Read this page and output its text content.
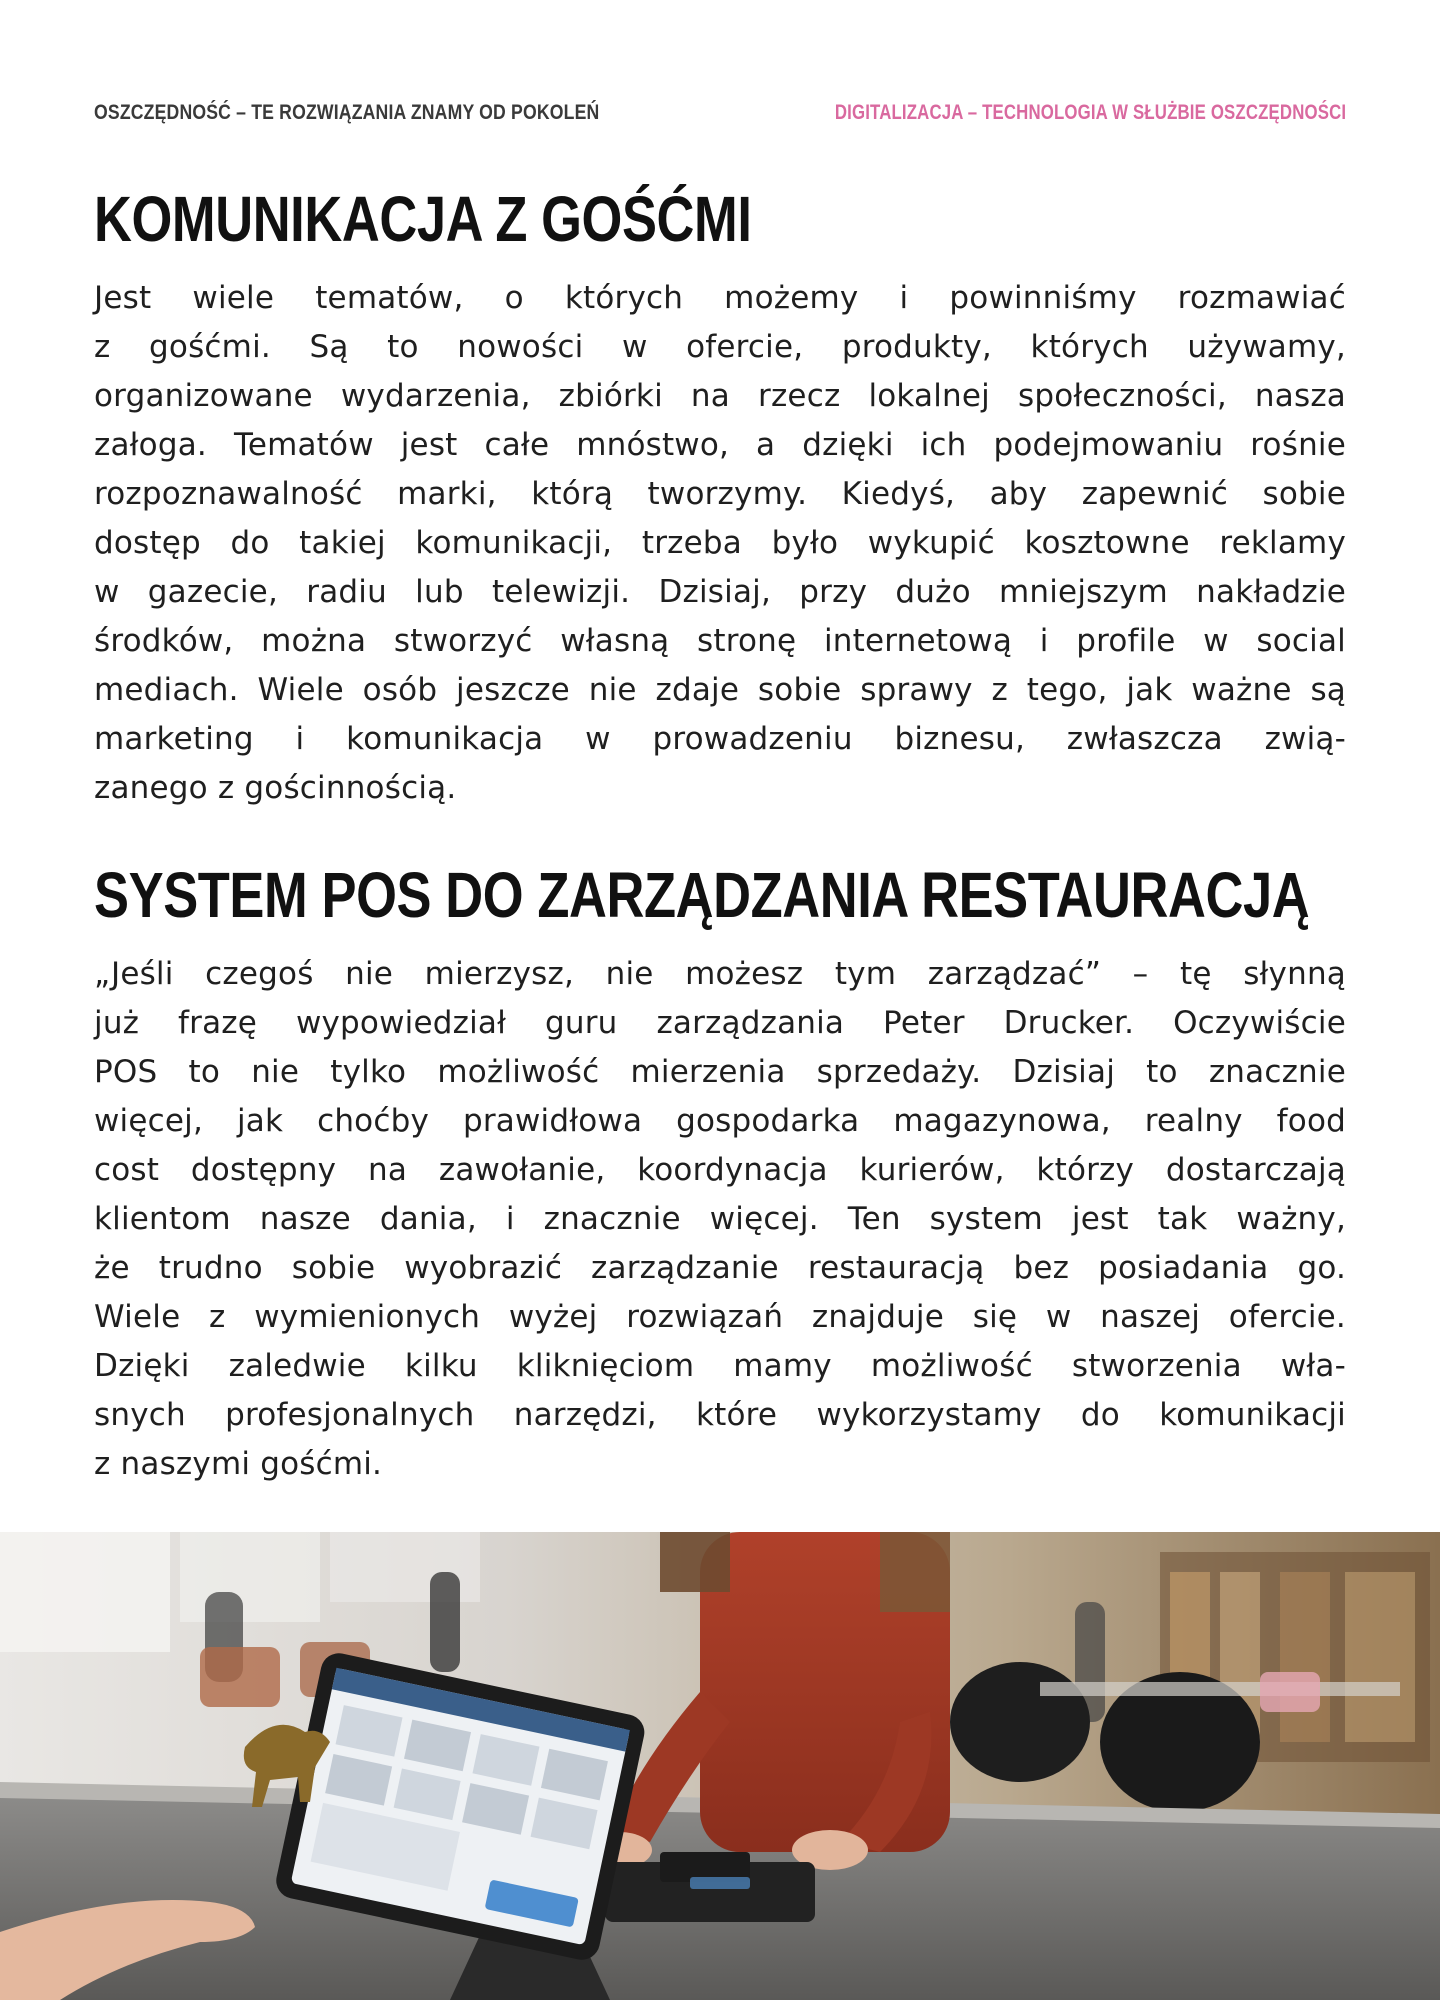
OSZCZĘDNOŚĆ – TE ROZWIĄZANIA ZNAMY OD POKOLEŃ	DIGITALIZACJA – TECHNOLOGIA W SŁUŻBIE OSZCZĘDNOŚCI
KOMUNIKACJA Z GOŚĆMI
Jest wiele tematów, o których możemy i powinniśmy rozmawiać
z gośćmi. Są to nowości w ofercie, produkty, których używamy,
organizowane wydarzenia, zbiórki na rzecz lokalnej społeczności, nasza
załoga. Tematów jest całe mnóstwo, a dzięki ich podejmowaniu rośnie
rozpoznawalność marki, którą tworzymy. Kiedyś, aby zapewnić sobie
dostęp do takiej komunikacji, trzeba było wykupić kosztowne reklamy
w gazecie, radiu lub telewizji. Dzisiaj, przy dużo mniejszym nakładzie
środków, można stworzyć własną stronę internetową i profile w social
mediach. Wiele osób jeszcze nie zdaje sobie sprawy z tego, jak ważne są
marketing i komunikacja w prowadzeniu biznesu, zwłaszcza zwią-
zanego z gościnnością.
SYSTEM POS DO ZARZĄDZANIA RESTAURACJĄ
„Jeśli czegoś nie mierzysz, nie możesz tym zarządzać” – tę słynną
już frazę wypowiedział guru zarządzania Peter Drucker. Oczywiście
POS to nie tylko możliwość mierzenia sprzedaży. Dzisiaj to znacznie
więcej, jak choćby prawidłowa gospodarka magazynowa, realny food
cost dostępny na zawołanie, koordynacja kurierów, którzy dostarczają
klientom nasze dania, i znacznie więcej. Ten system jest tak ważny,
że trudno sobie wyobrazić zarządzanie restauracją bez posiadania go.
Wiele z wymienionych wyżej rozwiązań znajduje się w naszej ofercie.
Dzięki zaledwie kilku kliknięciom mamy możliwość stworzenia wła-
snych profesjonalnych narzędzi, które wykorzystamy do komunikacji
z naszymi gośćmi.
